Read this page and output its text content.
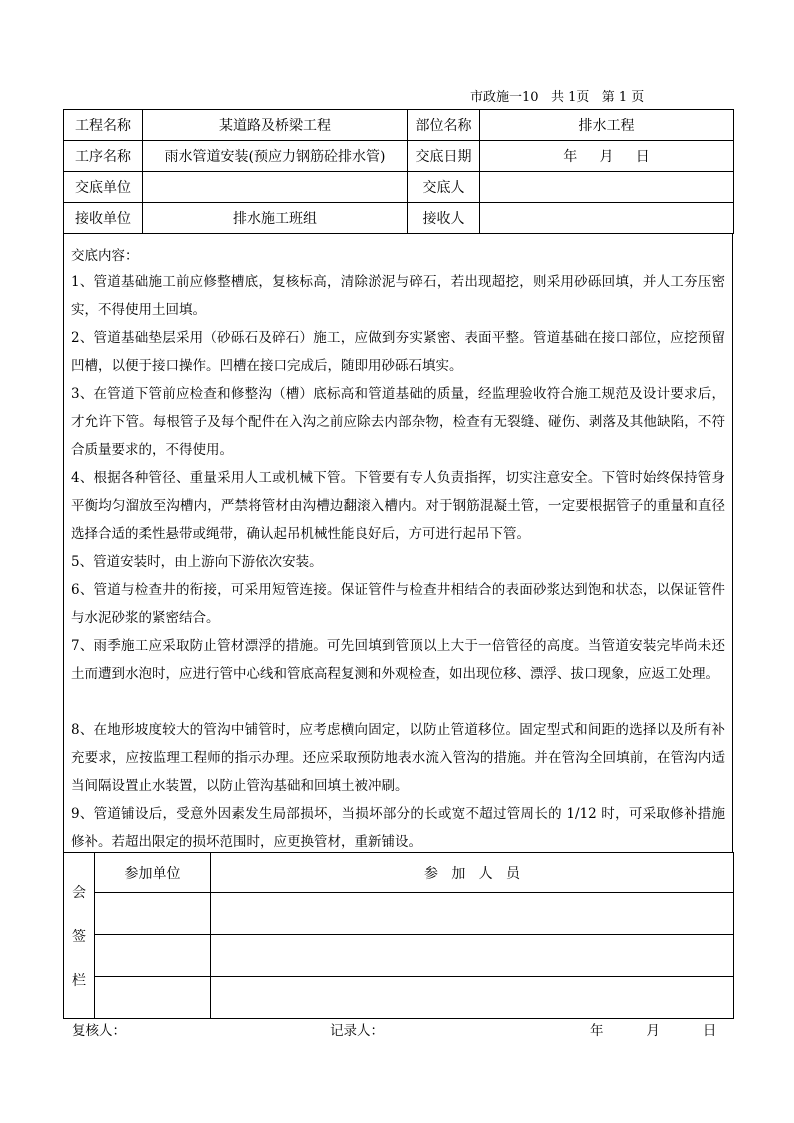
市政施一10   共 1页   第 1 页
工程名称	某道路及桥梁工程	部位名称	排水工程
工序名称	雨水管道安装(预应力钢筋砼排水管)	交底日期	年     月     日
交底单位		交底人	
接收单位	排水施工班组	接收人	
交底内容：

1、管道基础施工前应修整槽底，复核标高，清除淤泥与碎石，若出现超挖，则采用砂砾回填，并人工夯压密实，不得使用土回填。

2、管道基础垫层采用（砂砾石及碎石）施工，应做到夯实紧密、表面平整。管道基础在接口部位，应挖预留凹槽，以便于接口操作。凹槽在接口完成后，随即用砂砾石填实。

3、在管道下管前应检查和修整沟（槽）底标高和管道基础的质量，经监理验收符合施工规范及设计要求后，才允许下管。每根管子及每个配件在入沟之前应除去内部杂物，检查有无裂缝、碰伤、剥落及其他缺陷，不符合质量要求的，不得使用。

4、根据各种管径、重量采用人工或机械下管。下管要有专人负责指挥，切实注意安全。下管时始终保持管身平衡均匀溜放至沟槽内，严禁将管材由沟槽边翻滚入槽内。对于钢筋混凝土管，一定要根据管子的重量和直径选择合适的柔性悬带或绳带，确认起吊机械性能良好后，方可进行起吊下管。

5、管道安装时，由上游向下游依次安装。

6、管道与检查井的衔接，可采用短管连接。保证管件与检查井相结合的表面砂浆达到饱和状态，以保证管件与水泥砂浆的紧密结合。

7、雨季施工应采取防止管材漂浮的措施。可先回填到管顶以上大于一倍管径的高度。当管道安装完毕尚未还土而遭到水泡时，应进行管中心线和管底高程复测和外观检查，如出现位移、漂浮、拔口现象，应返工处理。

8、在地形坡度较大的管沟中铺管时，应考虑横向固定，以防止管道移位。固定型式和间距的选择以及所有补充要求，应按监理工程师的指示办理。还应采取预防地表水流入管沟的措施。并在管沟全回填前，在管沟内适当间隔设置止水装置，以防止管沟基础和回填土被冲刷。

9、管道铺设后，受意外因素发生局部损坏，当损坏部分的长或宽不超过管周长的 1/12 时，可采取修补措施修补。若超出限定的损坏范围时，应更换管材，重新铺设。

会
签
栏	参加单位	参   加   人   员

复核人：	记录人：	年          月          日
